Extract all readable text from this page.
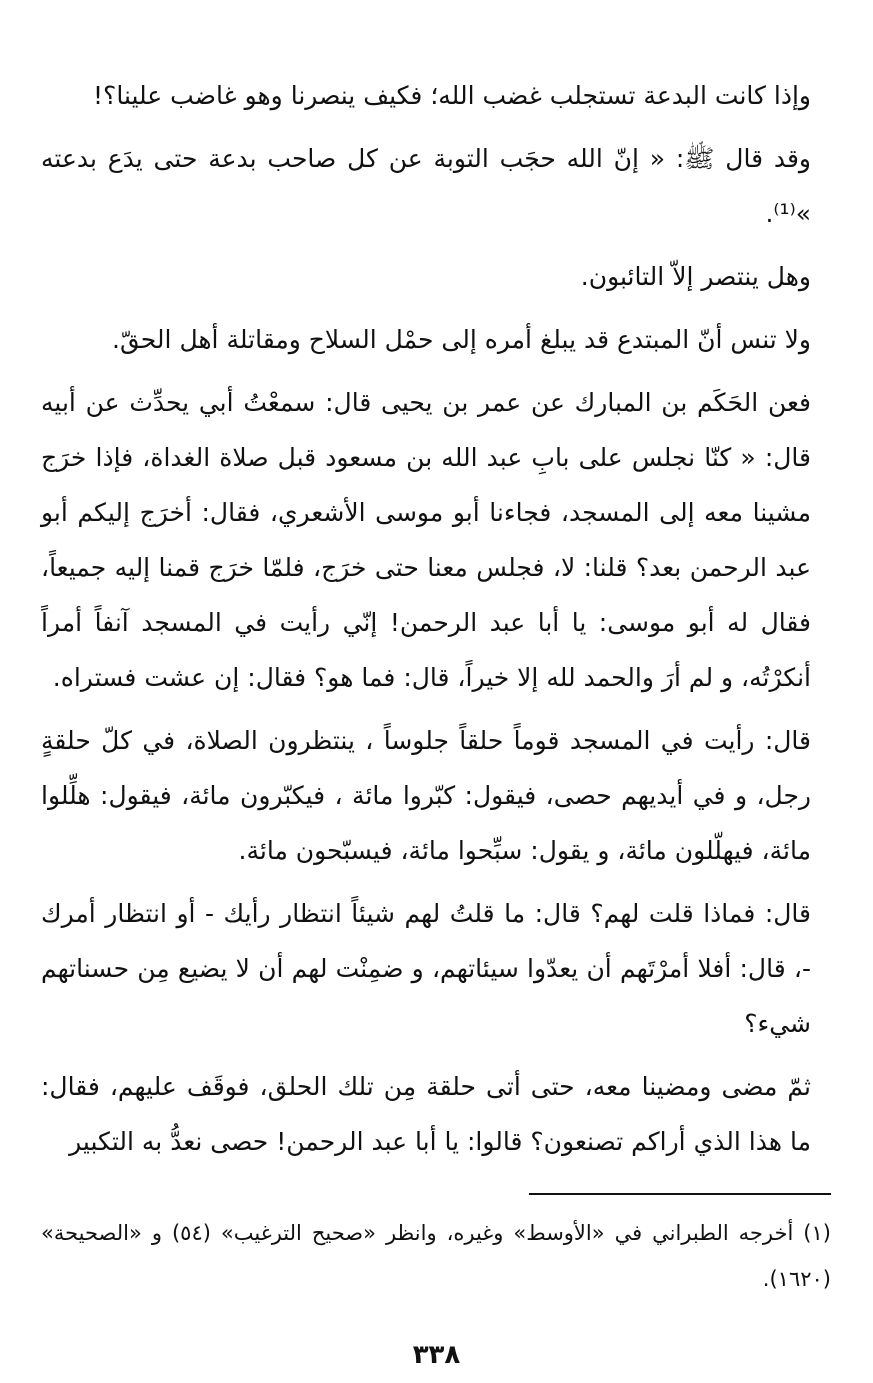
وإذا كانت البدعة تستجلب غضب الله؛ فكيف ينصرنا وهو غاضب علينا؟!

وقد قال ﷺ: « إنّ الله حجَب التوبة عن كل صاحب بدعة حتى يدَع بدعته »⁽¹⁾.

وهل ينتصر إلاّ التائبون.

ولا تنس أنّ المبتدع قد يبلغ أمره إلى حمْل السلاح ومقاتلة أهل الحقّ.

فعن الحَكَم بن المبارك عن عمر بن يحيى قال: سمعْتُ أبي يحدِّث عن أبيه قال: « كنّا نجلس على بابِ عبد الله بن مسعود قبل صلاة الغداة، فإذا خرَج مشينا معه إلى المسجد، فجاءنا أبو موسى الأشعري، فقال: أخرَج إليكم أبو عبد الرحمن بعد؟ قلنا: لا، فجلس معنا حتى خرَج، فلمّا خرَج قمنا إليه جميعاً، فقال له أبو موسى: يا أبا عبد الرحمن! إنّي رأيت في المسجد آنفاً أمراً أنكرْتُه، و لم أرَ والحمد لله إلا خيراً، قال: فما هو؟ فقال: إن عشت فستراه.

قال: رأيت في المسجد قوماً حلقاً جلوساً ، ينتظرون الصلاة، في كلّ حلقةٍ رجل، و في أيديهم حصى، فيقول: كبّروا مائة ، فيكبّرون مائة، فيقول: هلِّلوا مائة، فيهلّلون مائة، و يقول: سبِّحوا مائة، فيسبّحون مائة.

قال: فماذا قلت لهم؟ قال: ما قلتُ لهم شيئاً انتظار رأيك - أو انتظار أمرك -، قال: أفلا أمرْتَهم أن يعدّوا سيئاتهم، و ضمِنْت لهم أن لا يضيع مِن حسناتهم شيء؟

ثمّ مضى ومضينا معه، حتى أتى حلقة مِن تلك الحلق، فوقَف عليهم، فقال: ما هذا الذي أراكم تصنعون؟ قالوا: يا أبا عبد الرحمن! حصى نعدُّ به التكبير

(١) أخرجه الطبراني في «الأوسط» وغيره، وانظر «صحيح الترغيب» (٥٤) و «الصحيحة» (١٦٢٠).
٣٣٨
